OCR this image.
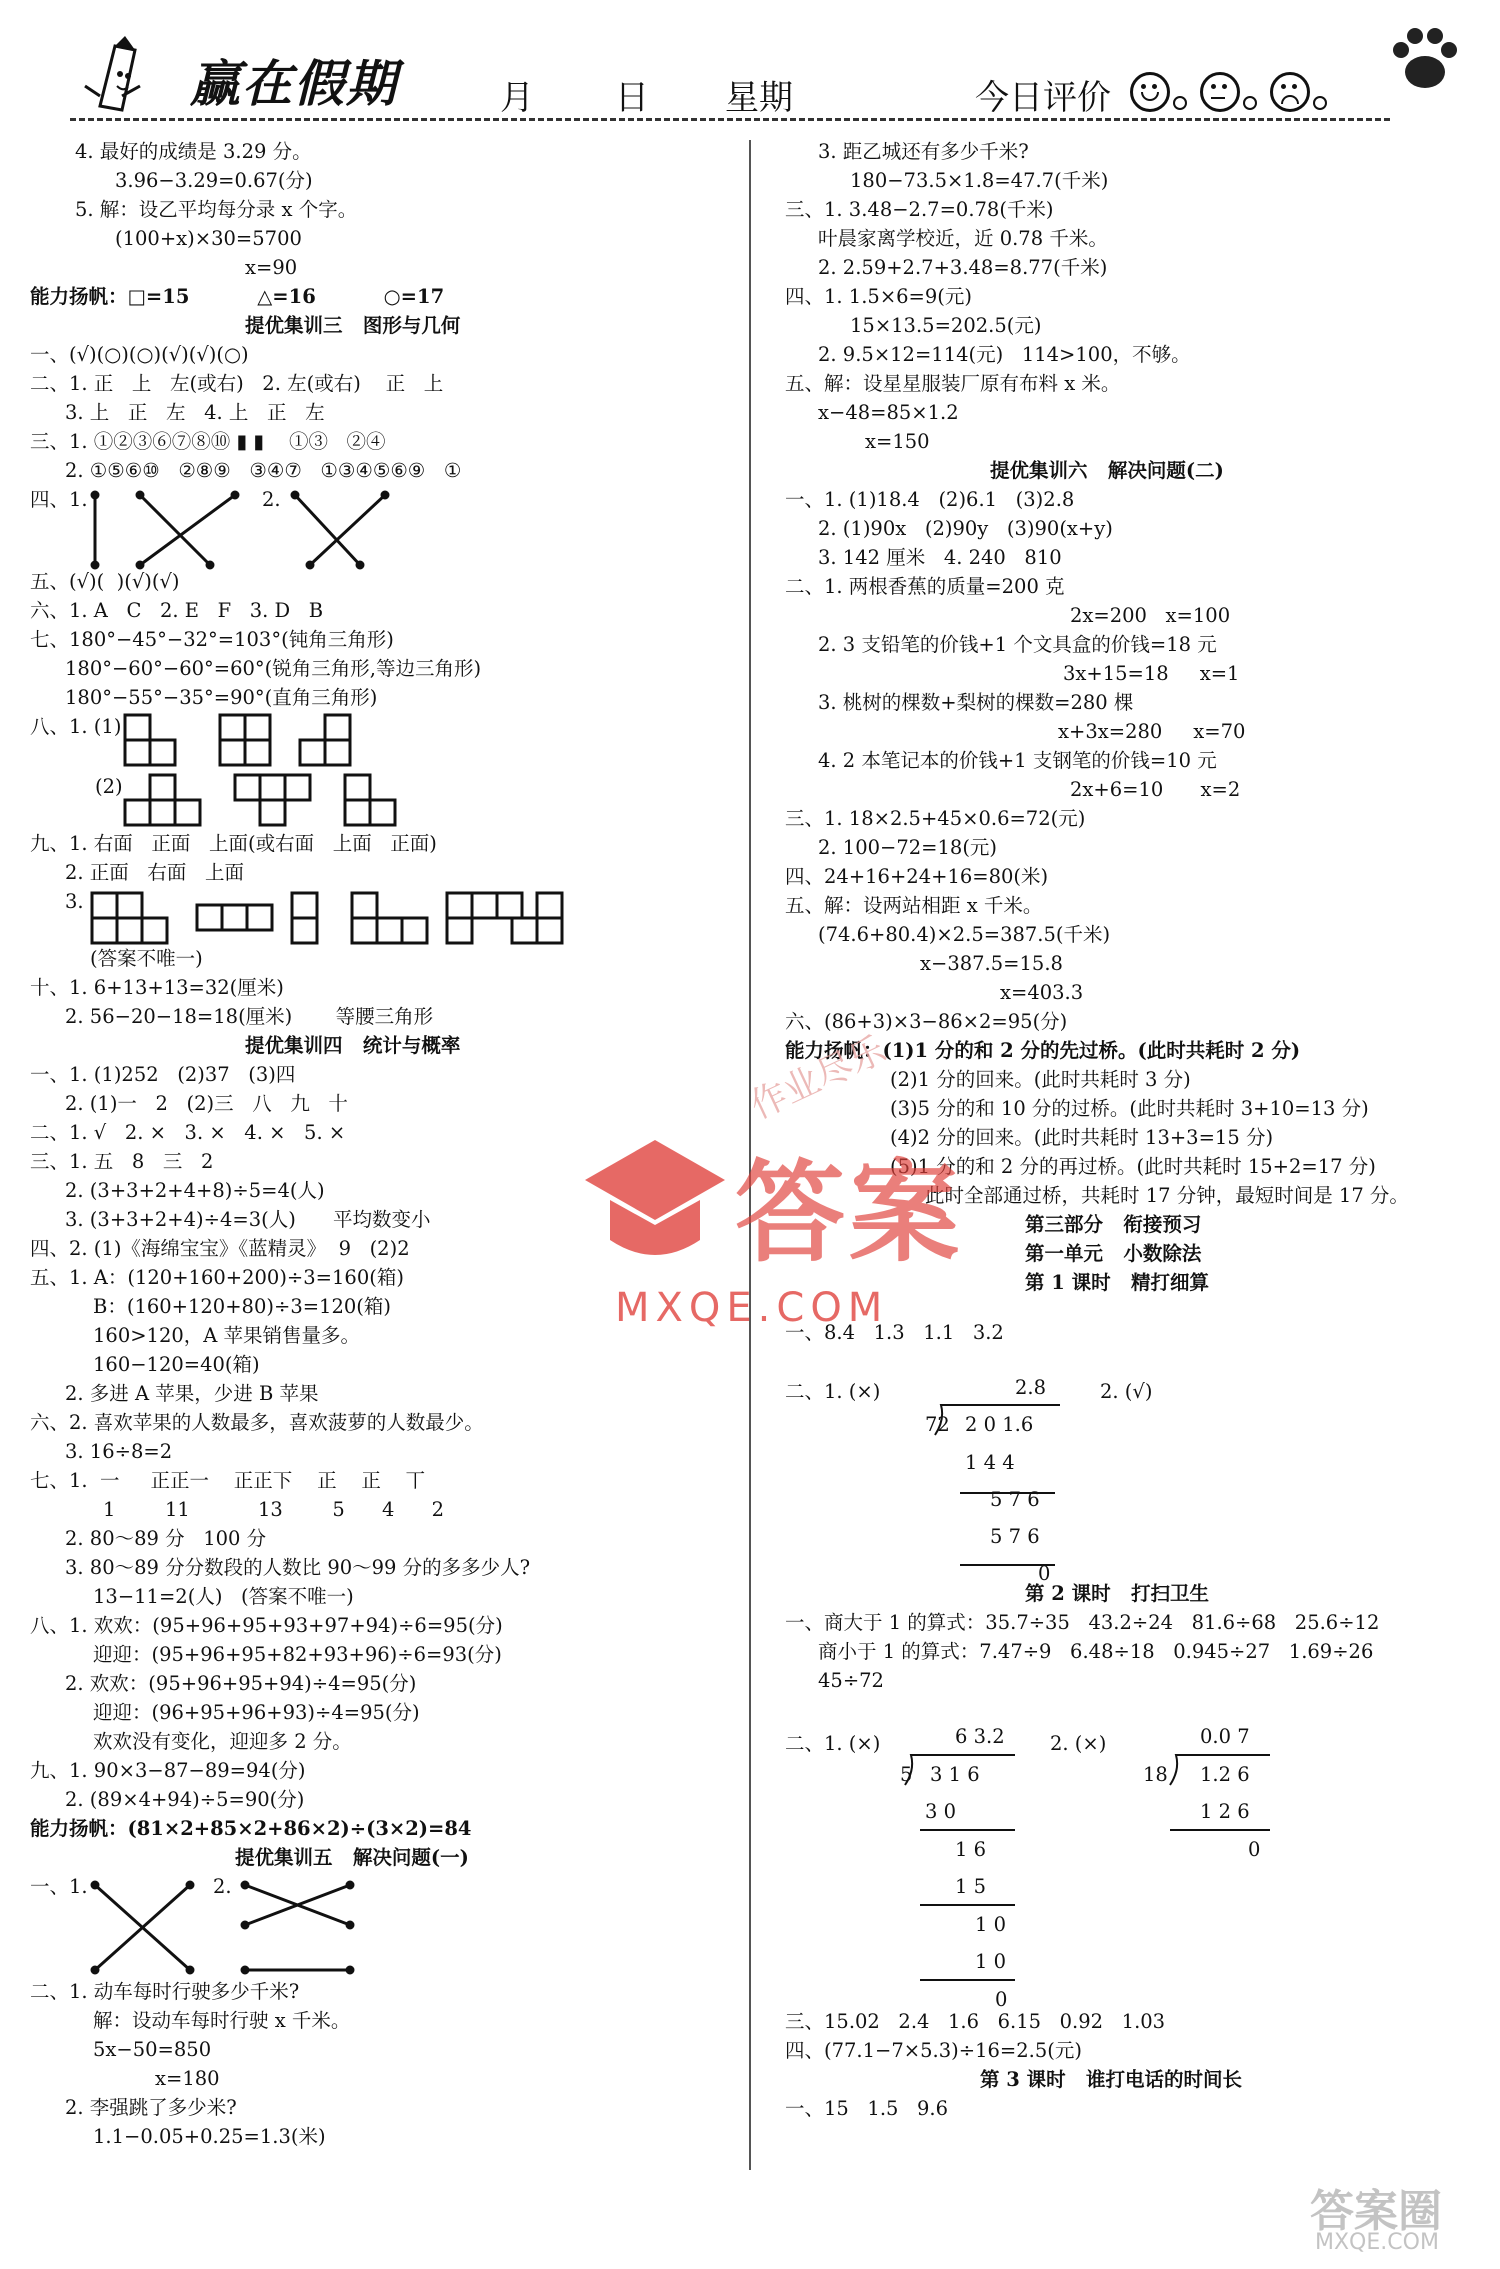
赢在假期	月 日 星期	今日评价
4. 最好的成绩是 3.29 分。
3.96−3.29=0.67(分)
5. 解：设乙平均每分录 x 个字。
(100+x)×30=5700
x=90
能力扬帆：□=15          △=16          ○=17
提优集训三   图形与几何
一、(√)(○)(○)(√)(√)(○)
二、1. 正   上   左(或右)   2. 左(或右)    正   上
3. 上   正   左   4. 上   正   左
三、1. ①②③⑥⑦⑧⑩ ▮ ▮    ①③   ②④
2. ①⑤⑥⑩   ②⑧⑨   ③④⑦   ①③④⑤⑥⑨   ①
四、1.	2.
五、(√)(  )(√)(√)
六、1. A   C   2. E   F   3. D   B
七、180°−45°−32°=103°(钝角三角形)
180°−60°−60°=60°(锐角三角形,等边三角形)
180°−55°−35°=90°(直角三角形)
八、1. (1)
(2)
九、1. 右面   正面   上面(或右面   上面   正面)
2. 正面   右面   上面
3.
(答案不唯一)
十、1. 6+13+13=32(厘米)
2. 56−20−18=18(厘米)       等腰三角形
提优集训四   统计与概率
一、1. (1)252   (2)37   (3)四
2. (1)一   2   (2)三   八   九   十
二、1. √   2. ×   3. ×   4. ×   5. ×
三、1. 五   8   三   2
2. (3+3+2+4+8)÷5=4(人)
3. (3+3+2+4)÷4=3(人)      平均数变小
四、2. (1)《海绵宝宝》《蓝精灵》  9   (2)2
五、1. A：(120+160+200)÷3=160(箱)
B：(160+120+80)÷3=120(箱)
160>120，A 苹果销售量多。
160−120=40(箱)
2. 多进 A 苹果，少进 B 苹果
六、2. 喜欢苹果的人数最多，喜欢菠萝的人数最少。
3. 16÷8=2
七、1.  一     正正一    正正下    正    正    丅
1        11           13        5      4      2
2. 80～89 分   100 分
3. 80～89 分分数段的人数比 90～99 分的多多少人?
13−11=2(人)   (答案不唯一)
八、1. 欢欢：(95+96+95+93+97+94)÷6=95(分)
迎迎：(95+96+95+82+93+96)÷6=93(分)
2. 欢欢：(95+96+95+94)÷4=95(分)
迎迎：(96+95+96+93)÷4=95(分)
欢欢没有变化，迎迎多 2 分。
九、1. 90×3−87−89=94(分)
2. (89×4+94)÷5=90(分)
能力扬帆：(81×2+85×2+86×2)÷(3×2)=84
提优集训五   解决问题(一)
一、1.	2.
二、1. 动车每时行驶多少千米?
解：设动车每时行驶 x 千米。
5x−50=850
x=180
2. 李强跳了多少米?
1.1−0.05+0.25=1.3(米)
3. 距乙城还有多少千米?
180−73.5×1.8=47.7(千米)
三、1. 3.48−2.7=0.78(千米)
叶晨家离学校近，近 0.78 千米。
2. 2.59+2.7+3.48=8.77(千米)
四、1. 1.5×6=9(元)
15×13.5=202.5(元)
2. 9.5×12=114(元)   114>100，不够。
五、解：设星星服装厂原有布料 x 米。
x−48=85×1.2
x=150
提优集训六   解决问题(二)
一、1. (1)18.4   (2)6.1   (3)2.8
2. (1)90x   (2)90y   (3)90(x+y)
3. 142 厘米   4. 240   810
二、1. 两根香蕉的质量=200 克
2x=200   x=100
2. 3 支铅笔的价钱+1 个文具盒的价钱=18 元
3x+15=18     x=1
3. 桃树的棵数+梨树的棵数=280 棵
x+3x=280     x=70
4. 2 本笔记本的价钱+1 支钢笔的价钱=10 元
2x+6=10      x=2
三、1. 18×2.5+45×0.6=72(元)
2. 100−72=18(元)
四、24+16+24+16=80(米)
五、解：设两站相距 x 千米。
(74.6+80.4)×2.5=387.5(千米)
x−387.5=15.8
x=403.3
六、(86+3)×3−86×2=95(分)
能力扬帆：(1)1 分的和 2 分的先过桥。(此时共耗时 2 分)
(2)1 分的回来。(此时共耗时 3 分)
(3)5 分的和 10 分的过桥。(此时共耗时 3+10=13 分)
(4)2 分的回来。(此时共耗时 13+3=15 分)
(5)1 分的和 2 分的再过桥。(此时共耗时 15+2=17 分)
此时全部通过桥，共耗时 17 分钟，最短时间是 17 分。
第三部分   衔接预习
第一单元   小数除法
第 1 课时   精打细算
一、8.4   1.3   1.1   3.2
二、1. (×)	2. (√)
第 2 课时   打扫卫生
一、商大于 1 的算式：35.7÷35   43.2÷24   81.6÷68   25.6÷12
商小于 1 的算式：7.47÷9   6.48÷18   0.945÷27   1.69÷26
45÷72
二、1. (×)	2. (×)
三、15.02   2.4   1.6   6.15   0.92   1.03
四、(77.1−7×5.3)÷16=2.5(元)
第 3 课时   谁打电话的时间长
一、15   1.5   9.6
2.8
72 2 0 1.6
1 4 4
5 7 6
5 7 6
0
6 3.2
5 3 1 6
3 0
1 6
1 5
1 0
1 0
0
0.0 7
18 1.2 6
1 2 6
0
答案
作业尽乐
MXQE.COM
答案圈
MXQE.COM
